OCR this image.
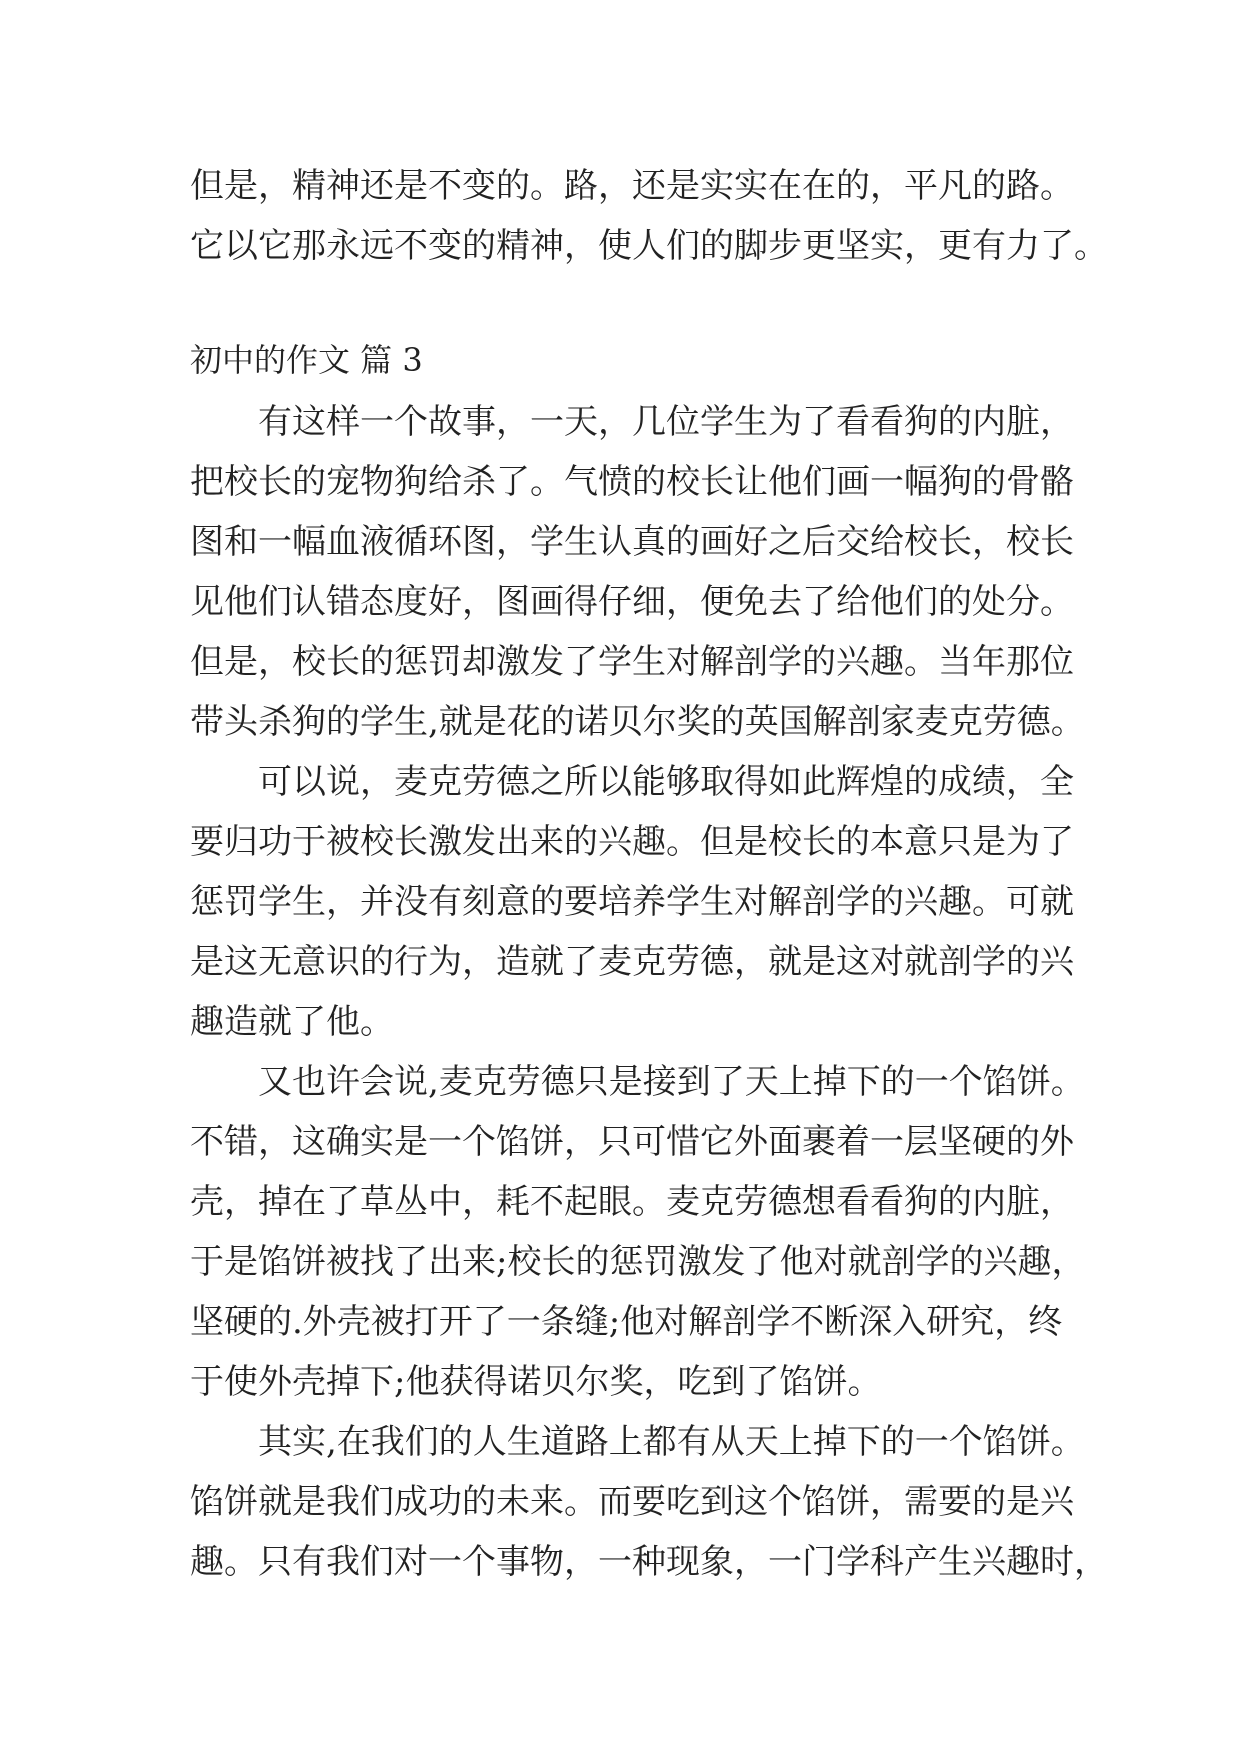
但是，精神还是不变的。路，还是实实在在的，平凡的路。
它以它那永远不变的精神，使人们的脚步更坚实，更有力了。
初中的作文 篇 3
有这样一个故事，一天，几位学生为了看看狗的内脏，
把校长的宠物狗给杀了。气愤的校长让他们画一幅狗的骨骼
图和一幅血液循环图，学生认真的画好之后交给校长，校长
见他们认错态度好，图画得仔细，便免去了给他们的处分。
但是，校长的惩罚却激发了学生对解剖学的兴趣。当年那位
带头杀狗的学生,就是花的诺贝尔奖的英国解剖家麦克劳德。
可以说，麦克劳德之所以能够取得如此辉煌的成绩，全
要归功于被校长激发出来的兴趣。但是校长的本意只是为了
惩罚学生，并没有刻意的要培养学生对解剖学的兴趣。可就
是这无意识的行为，造就了麦克劳德，就是这对就剖学的兴
趣造就了他。
又也许会说,麦克劳德只是接到了天上掉下的一个馅饼。
不错，这确实是一个馅饼，只可惜它外面裹着一层坚硬的外
壳，掉在了草丛中，耗不起眼。麦克劳德想看看狗的内脏，
于是馅饼被找了出来;校长的惩罚激发了他对就剖学的兴趣，
坚硬的.外壳被打开了一条缝;他对解剖学不断深入研究，终
于使外壳掉下;他获得诺贝尔奖，吃到了馅饼。
其实,在我们的人生道路上都有从天上掉下的一个馅饼。
馅饼就是我们成功的未来。而要吃到这个馅饼，需要的是兴
趣。只有我们对一个事物，一种现象，一门学科产生兴趣时，
